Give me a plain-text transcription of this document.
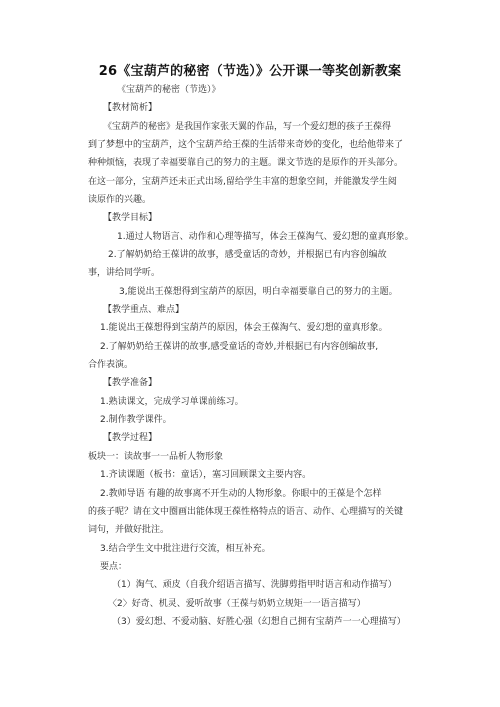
26《宝葫芦的秘密（节选）》公开课一等奖创新教案
《宝葫芦的秘密（节选）》
【教材简析】
《宝葫芦的秘密》是我国作家张天翼的作品，写一个爱幻想的孩子王葆得
到了梦想中的宝葫芦，这个宝葫芦给王葆的生活带来奇妙的变化，也给他带来了
种种烦恼，表现了幸福要靠自己的努力的主题。课文节选的是原作的开头部分。
在这一部分，宝葫芦还未正式出场,留给学生丰富的想象空间，并能激发学生阅
读原作的兴趣。
【教学目标】
1.通过人物语言、动作和心理等描写，体会王葆淘气、爱幻想的童真形象。
2.了解奶奶给王葆讲的故事，感受童话的奇妙，并根据已有内容创编故
事，讲给同学听。
3,能说出王葆想得到宝葫芦的原因，明白幸福要靠自己的努力的主题。
【教学重点、难点】
1.能说出王葆想得到宝葫芦的原因，体会王葆淘气、爱幻想的童真形象。
2.了解奶奶给王葆讲的故事,感受童话的奇妙,并根据已有内容创编故事,
合作表演。
【教学准备】
1.熟读课文，完成学习单课前练习。
2.制作教学课件。
【教学过程】
板块一：读故事一一品析人物形象
1.齐读课题（板书：童话），塞习回顾课文主要内容。
2.教师导语 有趣的故事离不开生动的人物形象。你眼中的王葆是个怎样
的孩子呢？请在文中圈画出能体现王葆性格特点的语言、动作、心理描写的关键
词句，并做好批注。
3.结合学生文中批注进行交流，相互补充。
要点：
（1）淘气、顽皮（自我介绍语言描写、洗脚剪指甲时语言和动作描写）
〈2〉好奇、机灵、爱听故事（王葆与奶奶立规矩一一语言描写）
（3）爱幻想、不爱动脑、好胜心强（幻想自己拥有宝葫芦一一心理描写）
